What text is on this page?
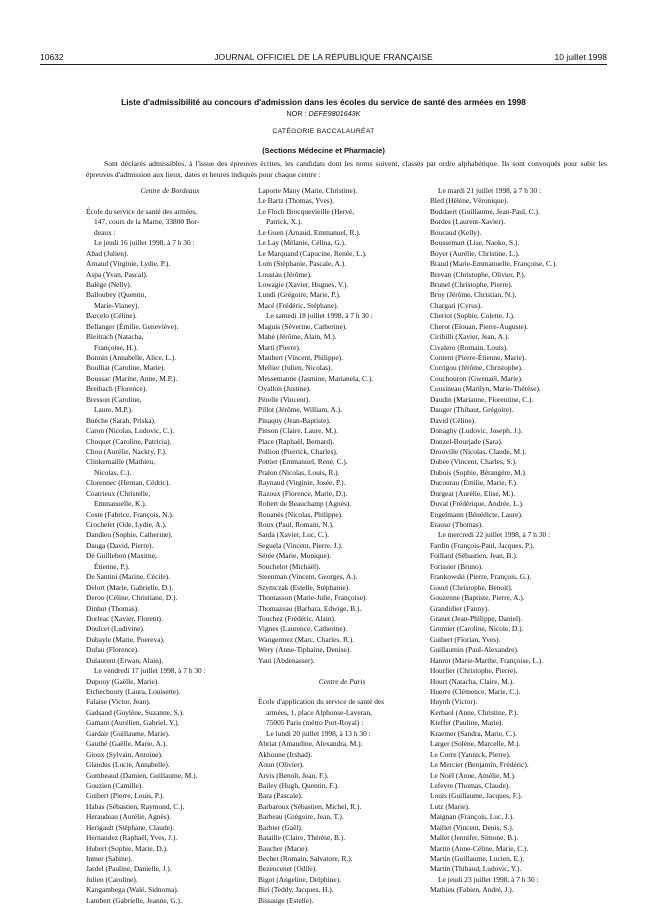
10632	JOURNAL OFFICIEL DE LA RÉPUBLIQUE FRANÇAISE	10 juillet 1998
Liste d'admissibilité au concours d'admission dans les écoles du service de santé des armées en 1998
NOR : DEFE9801643K
CATÉGORIE BACCALAURÉAT
(Sections Médecine et Pharmacie)
Sont déclarés admissibles, à l'issue des épreuves écrites, les candidats dont les noms suivent, classés par ordre alphabétique. Ils sont convoqués pour subir les épreuves d'admission aux lieux, dates et heures indiqués pour chaque centre :
Centre de Bordeaux
École du service de santé des armées,
147, cours de la Marne, 33800 Bor-
deaux :
Le jeudi 16 juillet 1998, à 7 h 30 :
Abad (Julien).
Arnaud (Virginie, Lydie, P.).
Aspa (Yvan, Pascal).
Balège (Nelly).
Balloubey (Quentin,
Marie-Vianey).
Barcelo (Céline).
Bellanger (Émilie, Geneviève).
Bleitrach (Natacha,
Françoise, H.).
Bonnin (Annabelle, Alice, L.).
Boulliat (Caroline, Marie).
Boussac (Marine, Anne, M.P.).
Breibach (Florence).
Bresson (Caroline,
Laure, M.P.).
Buèche (Sarah, Priska).
Caron (Nicolas, Ludovic, C.).
Choquet (Caroline, Patricia).
Chou (Aurélie, Nackry, F.).
Clinkemaille (Mathieu,
Nicolas, C.).
Clorennec (Hernan, Cédric).
Coatrieux (Christelle,
Emmanuelle, K.).
Coste (Fabrice, François, N.).
Crochelet (Ode, Lydie, A.).
Dandieu (Sophie, Catherine).
Dauga (David, Pierre).
De Guillebon (Maxime,
Étienne, P.).
De Santini (Marine, Cécile).
Delort (Marie, Gabrielle, D.).
Deroo (Céline, Christiane, D.).
Dinhut (Thomas).
Dorleac (Xavier, Florent).
Doulcet (Ludivine).
Dubayle (Marie, Poereva).
Dufau (Florence).
Dulaurent (Erwan, Alain).
Le vendredi 17 juillet 1998, à 7 h 30 :
Dupouy (Gaëlle, Marie).
Etchechoury (Laura, Louisette).
Falaise (Victor, Jean).
Gadsaud (Guylène, Suzanne, S.).
Gamant (Aurélien, Gabriel, Y.).
Gardair (Guillaume, Marie).
Gauthé (Gaëlle, Marie, A.).
Gioux (Sylvain, Antoine).
Glandus (Lucie, Annabelle).
Gombeaud (Damien, Guillaume, M.).
Gouzien (Camille).
Guibert (Pierre, Louis, P.).
Habas (Sébastien, Raymond, C.).
Heraudeau (Aurélie, Agnès).
Herigault (Stéphane, Claude).
Hernandez (Raphaël, Yves, J.).
Hubert (Sophie, Marie, D.).
Inmer (Sabine).
Jardel (Pauline, Danielle, J.).
Julien (Caroline).
Kangambega (Walé, Sidnoma).
Lambert (Gabrielle, Jeanne, G.).
Laporte Many (Marie, Christine).
Le Bartz (Thomas, Yves).
Le Floch Brocquevieille (Hervé,
Patrick, X.).
Le Guen (Arnaud, Emmanuel, R.).
Le Lay (Mélanie, Célina, G.).
Le Marquand (Capucine, Renée, L.).
Lom (Stéphanie, Pascale, A.).
Loustau (Jérôme).
Lowagie (Xavier, Hugues, V.).
Lundi (Grégoire, Marie, P.).
Macé (Frédéric, Stéphane).
Le samedi 18 juillet 1998, à 7 h 30 :
Maguis (Séverine, Catherine).
Mahé (Jérôme, Alain, M.).
Marti (Pierre).
Maubert (Vincent, Philippe).
Mellier (Julien, Nicolas).
Messemanne (Jasmine, Marianela, C.).
Oyallon (Justine).
Pérelle (Vincent).
Pillot (Jérôme, William, A.).
Pinaquy (Jean-Baptiste).
Pinson (Claire, Laure, M.).
Place (Raphaël, Bernard).
Pollion (Pierrick, Charles).
Pottier (Emmanuel, René, C.).
Pralon (Nicolas, Louis, R.).
Raynaud (Virginie, Josée, P.).
Razoux (Florence, Marie, D.).
Robert de Beauchamp (Agnès).
Rouanès (Nicolas, Philippe).
Roux (Paul, Romain, N.).
Sarda (Xavier, Luc, C.).
Seguela (Vincent, Pierre, J.).
Sérée (Marie, Monique).
Souchelot (Michaël).
Steenman (Vincent, Georges, A.).
Szymczak (Estelle, Stéphanie).
Thomasson (Marie-Julie, Françoise).
Thomazeau (Barbara, Edwige, B.).
Touchez (Frédéric, Alain).
Vignes (Laurence, Catherine).
Wangermez (Marc, Charles, R.).
Wery (Anne-Tiphaine, Denise).
Yani (Abdenasser).
Centre de Paris
École d'application du service de santé des
armées, 1, place Alphonse-Laveran,
75005 Paris (métro Port-Royal) :
Le lundi 20 juillet 1998, à 13 h 30 :
Abriat (Amandine, Alexandra, M.).
Akhoune (Irshad).
Aoun (Olivier).
Arvis (Benoît, Jean, F.).
Bailey (Hugh, Quentin, F.).
Bara (Pascale).
Barbaroux (Sébastien, Michel, R.).
Barbeau (Grégoire, Jean, T.).
Barbier (Gaël).
Bataille (Claire, Thérèse, B.).
Baucher (Marie).
Bechet (Romain, Salvatore, R.).
Bezencenet (Odile).
Bigot (Angeline, Delphine).
Biri (Teddy, Jacques, H.).
Bissauge (Estelle).
Le mardi 21 juillet 1998, à 7 h 30 :
Bled (Hélène, Véronique).
Boddaert (Guillaume, Jean-Paul, C.).
Bordes (Laurent-Xavier).
Boucaud (Kelly).
Boussemart (Lise, Naoko, S.).
Boyer (Aurélie, Christine, L.).
Braud (Marie-Emmanuelle, Françoise, C.).
Brevan (Christophe, Olivier, P.).
Brunel (Christophe, Pierre).
Bruy (Jérôme, Christian, N.).
Chargari (Cyrus).
Cheriot (Sophie, Colette, J.).
Cherot (Elouan, Pierre-Auguste).
Ciribilli (Xavier, Jean, A.).
Civalero (Romain, Louis).
Content (Pierre-Étienne, Marie).
Corrigou (Jérôme, Christophe).
Couchouron (Gwenaël, Marie).
Cousineau (Marilyn, Marie-Thérèse).
Daudin (Marianne, Florentine, C.).
Dauger (Thibaut, Grégoire).
David (Céline).
Donaghy (Ludovic, Joseph, J.).
Donzel-Bourjade (Sara).
Drouville (Nicolas, Claude, M.).
Dubee (Vincent, Charles, S.).
Dubois (Sophie, Bérangère, M.).
Ducourau (Émilie, Marie, F.).
Durgeat (Aurélie, Elise, M.).
Duval (Frédérique, Andrée, L.).
Engelmann (Bénédicte, Laure).
Erauso (Thomas).
Le mercredi 22 juillet 1998, à 7 h 30 :
Fardin (François-Paul, Jacques, P.).
Foillard (Sébastien, Jean, B.).
Forissier (Bruno).
Frankowski (Pierre, François, G.).
Gouel (Christophe, Benoit).
Gouzenne (Baptiste, Pierre, A.).
Grandidier (Fanny).
Granet (Jean-Philippe, Daniel).
Gromier (Caroline, Nicole, D.).
Guibert (Florian, Yves).
Guillaumin (Paul-Alexandre).
Hanrot (Marie-Marthe, Françoise, L.).
Hourlier (Christophe, Pierre).
Hourt (Natacha, Claire, M.).
Huerre (Clémence, Marie, C.).
Huynh (Victor).
Kerbaol (Anne, Christine, P.).
Kieffer (Pauline, Marie).
Kraemer (Sandra, Marie, C.).
Larger (Solène, Marcelle, M.).
Le Corre (Yannick, Pierre).
Le Mercier (Benjamin, Frédéric).
Le Noël (Anne, Amélie, M.).
Lefevre (Thomas, Claude).
Louis (Guillaume, Jacques, F.).
Lutz (Marie).
Maignan (François, Luc, J.).
Maillet (Vincent, Denis, S.).
Mallet (Jennifer, Simone, B.).
Martin (Anne-Céline, Marie, C.).
Martin (Guillaume, Lucien, E.).
Martin (Thibaud, Ludovic, Y.).
Le jeudi 23 juillet 1998, à 7 h 30 :
Mathieu (Fabien, André, J.).
